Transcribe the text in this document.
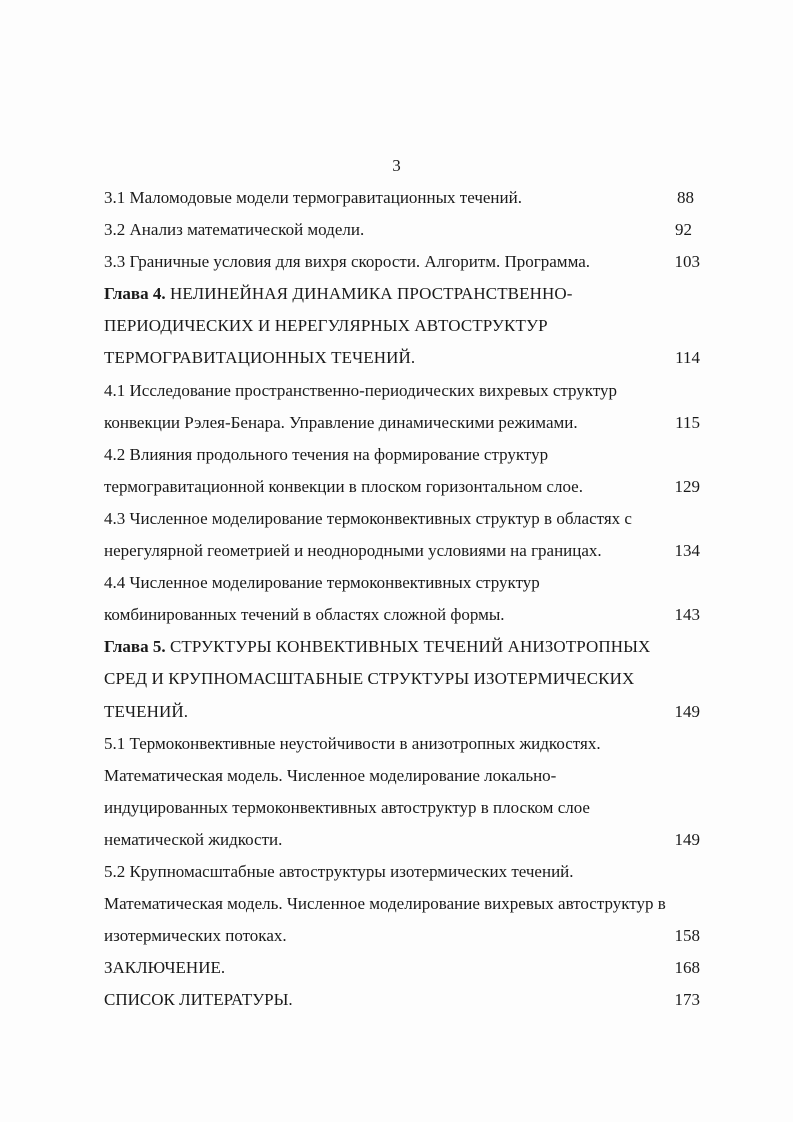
3
3.1 Маломодовые модели термогравитационных течений.	88
3.2 Анализ математической модели.	92
3.3 Граничные условия для вихря скорости. Алгоритм. Программа.	103
Глава 4. НЕЛИНЕЙНАЯ ДИНАМИКА ПРОСТРАНСТВЕННО-
ПЕРИОДИЧЕСКИХ И НЕРЕГУЛЯРНЫХ АВТОСТРУКТУР
ТЕРМОГРАВИТАЦИОННЫХ ТЕЧЕНИЙ.	114
4.1 Исследование пространственно-периодических вихревых структур
конвекции Рэлея-Бенара. Управление динамическими режимами.	115
4.2 Влияния продольного течения на формирование структур
термогравитационной конвекции в плоском горизонтальном слое.	129
4.3 Численное моделирование термоконвективных структур в областях с
нерегулярной геометрией и неоднородными условиями на границах.	134
4.4 Численное моделирование термоконвективных структур
комбинированных течений в областях сложной формы.	143
Глава 5. СТРУКТУРЫ КОНВЕКТИВНЫХ ТЕЧЕНИЙ АНИЗОТРОПНЫХ
СРЕД И КРУПНОМАСШТАБНЫЕ СТРУКТУРЫ ИЗОТЕРМИЧЕСКИХ
ТЕЧЕНИЙ.	149
5.1 Термоконвективные неустойчивости в анизотропных жидкостях.
Математическая модель. Численное моделирование локально-
индуцированных термоконвективных автоструктур в плоском слое
нематической жидкости.	149
5.2 Крупномасштабные автоструктуры изотермических течений.
Математическая модель. Численное моделирование вихревых автоструктур в
изотермических потоках.	158
ЗАКЛЮЧЕНИЕ.	168
СПИСОК ЛИТЕРАТУРЫ.	173
